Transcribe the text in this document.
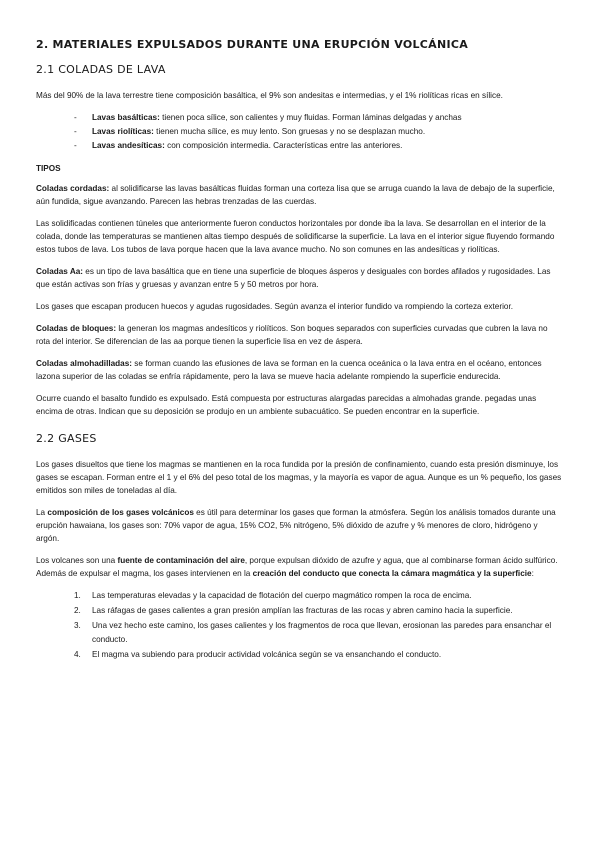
2. MATERIALES EXPULSADOS DURANTE UNA ERUPCIÓN VOLCÁNICA
2.1 COLADAS DE LAVA

Más del 90% de la lava terrestre tiene composición basáltica, el 9% son andesitas e intermedias, y el 1% riolíticas ricas en sílice.

- Lavas basálticas: tienen poca sílice, son calientes y muy fluidas. Forman láminas delgadas y anchas
- Lavas riolíticas: tienen mucha sílice, es muy lento. Son gruesas y no se desplazan mucho.
- Lavas andesíticas: con composición intermedia. Características entre las anteriores.
TIPOS

Coladas cordadas: al solidificarse las lavas basálticas fluidas forman una corteza lisa que se arruga cuando la lava de debajo de la superficie, aún fundida, sigue avanzando. Parecen las hebras trenzadas de las cuerdas.

Las solidificadas contienen túneles que anteriormente fueron conductos horizontales por donde iba la lava. Se desarrollan en el interior de la colada, donde las temperaturas se mantienen altas tiempo después de solidificarse la superficie. La lava en el interior sigue fluyendo formando estos tubos de lava. Los tubos de lava porque hacen que la lava avance mucho. No son comunes en las andesíticas y riolíticas.

Coladas Aa: es un tipo de lava basáltica que en tiene una superficie de bloques ásperos y desiguales con bordes afilados y rugosidades. Las que están activas son frías y gruesas y avanzan entre 5 y 50 metros por hora.

Los gases que escapan producen huecos y agudas rugosidades. Según avanza el interior fundido va rompiendo la corteza exterior.

Coladas de bloques: la generan los magmas andesíticos y riolíticos. Son boques separados con superficies curvadas que cubren la lava no rota del interior. Se diferencian de las aa porque tienen la superficie lisa en vez de áspera.

Coladas almohadilladas: se forman cuando las efusiones de lava se forman en la cuenca oceánica o la lava entra en el océano, entonces lazona superior de las coladas se enfría rápidamente, pero la lava se mueve hacia adelante rompiendo la superficie endurecida.

Ocurre cuando el basalto fundido es expulsado. Está compuesta por estructuras alargadas parecidas a almohadas grande. pegadas unas encima de otras. Indican que su deposición se produjo en un ambiente subacuático. Se pueden encontrar en la superficie.

2.2 GASES

Los gases disueltos que tiene los magmas se mantienen en la roca fundida por la presión de confinamiento, cuando esta presión disminuye, los gases se escapan. Forman entre el 1 y el 6% del peso total de los magmas, y la mayoría es vapor de agua. Aunque es un % pequeño, los gases emitidos son miles de toneladas al día.

La composición de los gases volcánicos es útil para determinar los gases que forman la atmósfera. Según los análisis tomados durante una erupción hawaiana, los gases son: 70% vapor de agua, 15% CO2, 5% nitrógeno, 5% dióxido de azufre y % menores de cloro, hidrógeno y argón.

Los volcanes son una fuente de contaminación del aire, porque expulsan dióxido de azufre y agua, que al combinarse forman ácido sulfúrico. Además de expulsar el magma, los gases intervienen en la creación del conducto que conecta la cámara magmática y la superficie:

1. Las temperaturas elevadas y la capacidad de flotación del cuerpo magmático rompen la roca de encima.
2. Las ráfagas de gases calientes a gran presión amplían las fracturas de las rocas y abren camino hacia la superficie.
3. Una vez hecho este camino, los gases calientes y los fragmentos de roca que llevan, erosionan las paredes para ensanchar el conducto.
4. El magma va subiendo para producir actividad volcánica según se va ensanchando el conducto.
